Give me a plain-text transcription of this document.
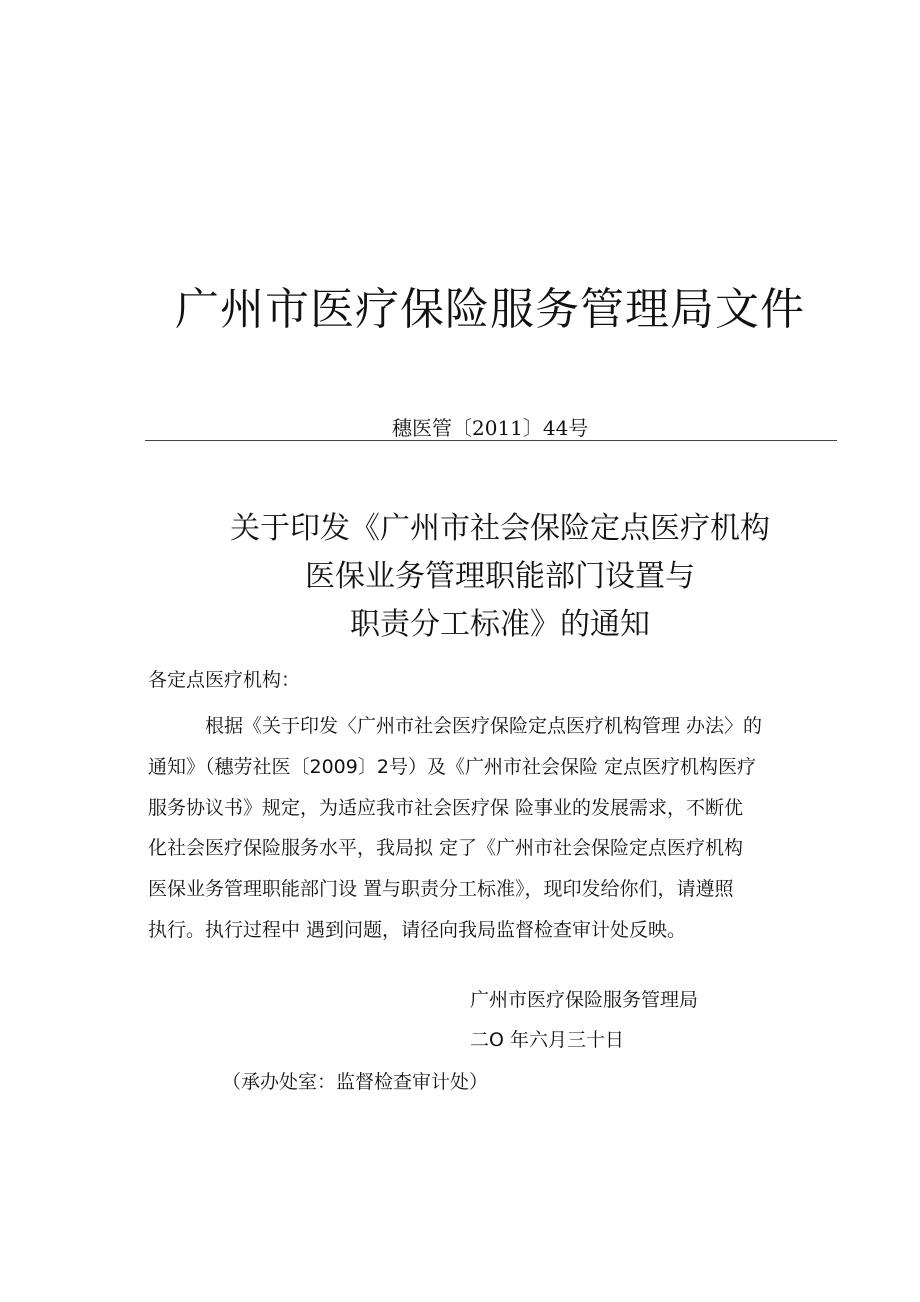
广州市医疗保险服务管理局文件
穗医管〔2011〕44号
关于印发《广州市社会保险定点医疗机构
医保业务管理职能部门设置与
职责分工标准》的通知
各定点医疗机构：
根据《关于印发〈广州市社会医疗保险定点医疗机构管理 办法〉的
通知》（穗劳社医〔2009〕2号）及《广州市社会保险 定点医疗机构医疗
服务协议书》规定，为适应我市社会医疗保 险事业的发展需求，不断优
化社会医疗保险服务水平，我局拟 定了《广州市社会保险定点医疗机构
医保业务管理职能部门设 置与职责分工标准》，现印发给你们，请遵照
执行。执行过程中 遇到问题，请径向我局监督检查审计处反映。
广州市医疗保险服务管理局
二O 年六月三十日
（承办处室：监督检查审计处）
